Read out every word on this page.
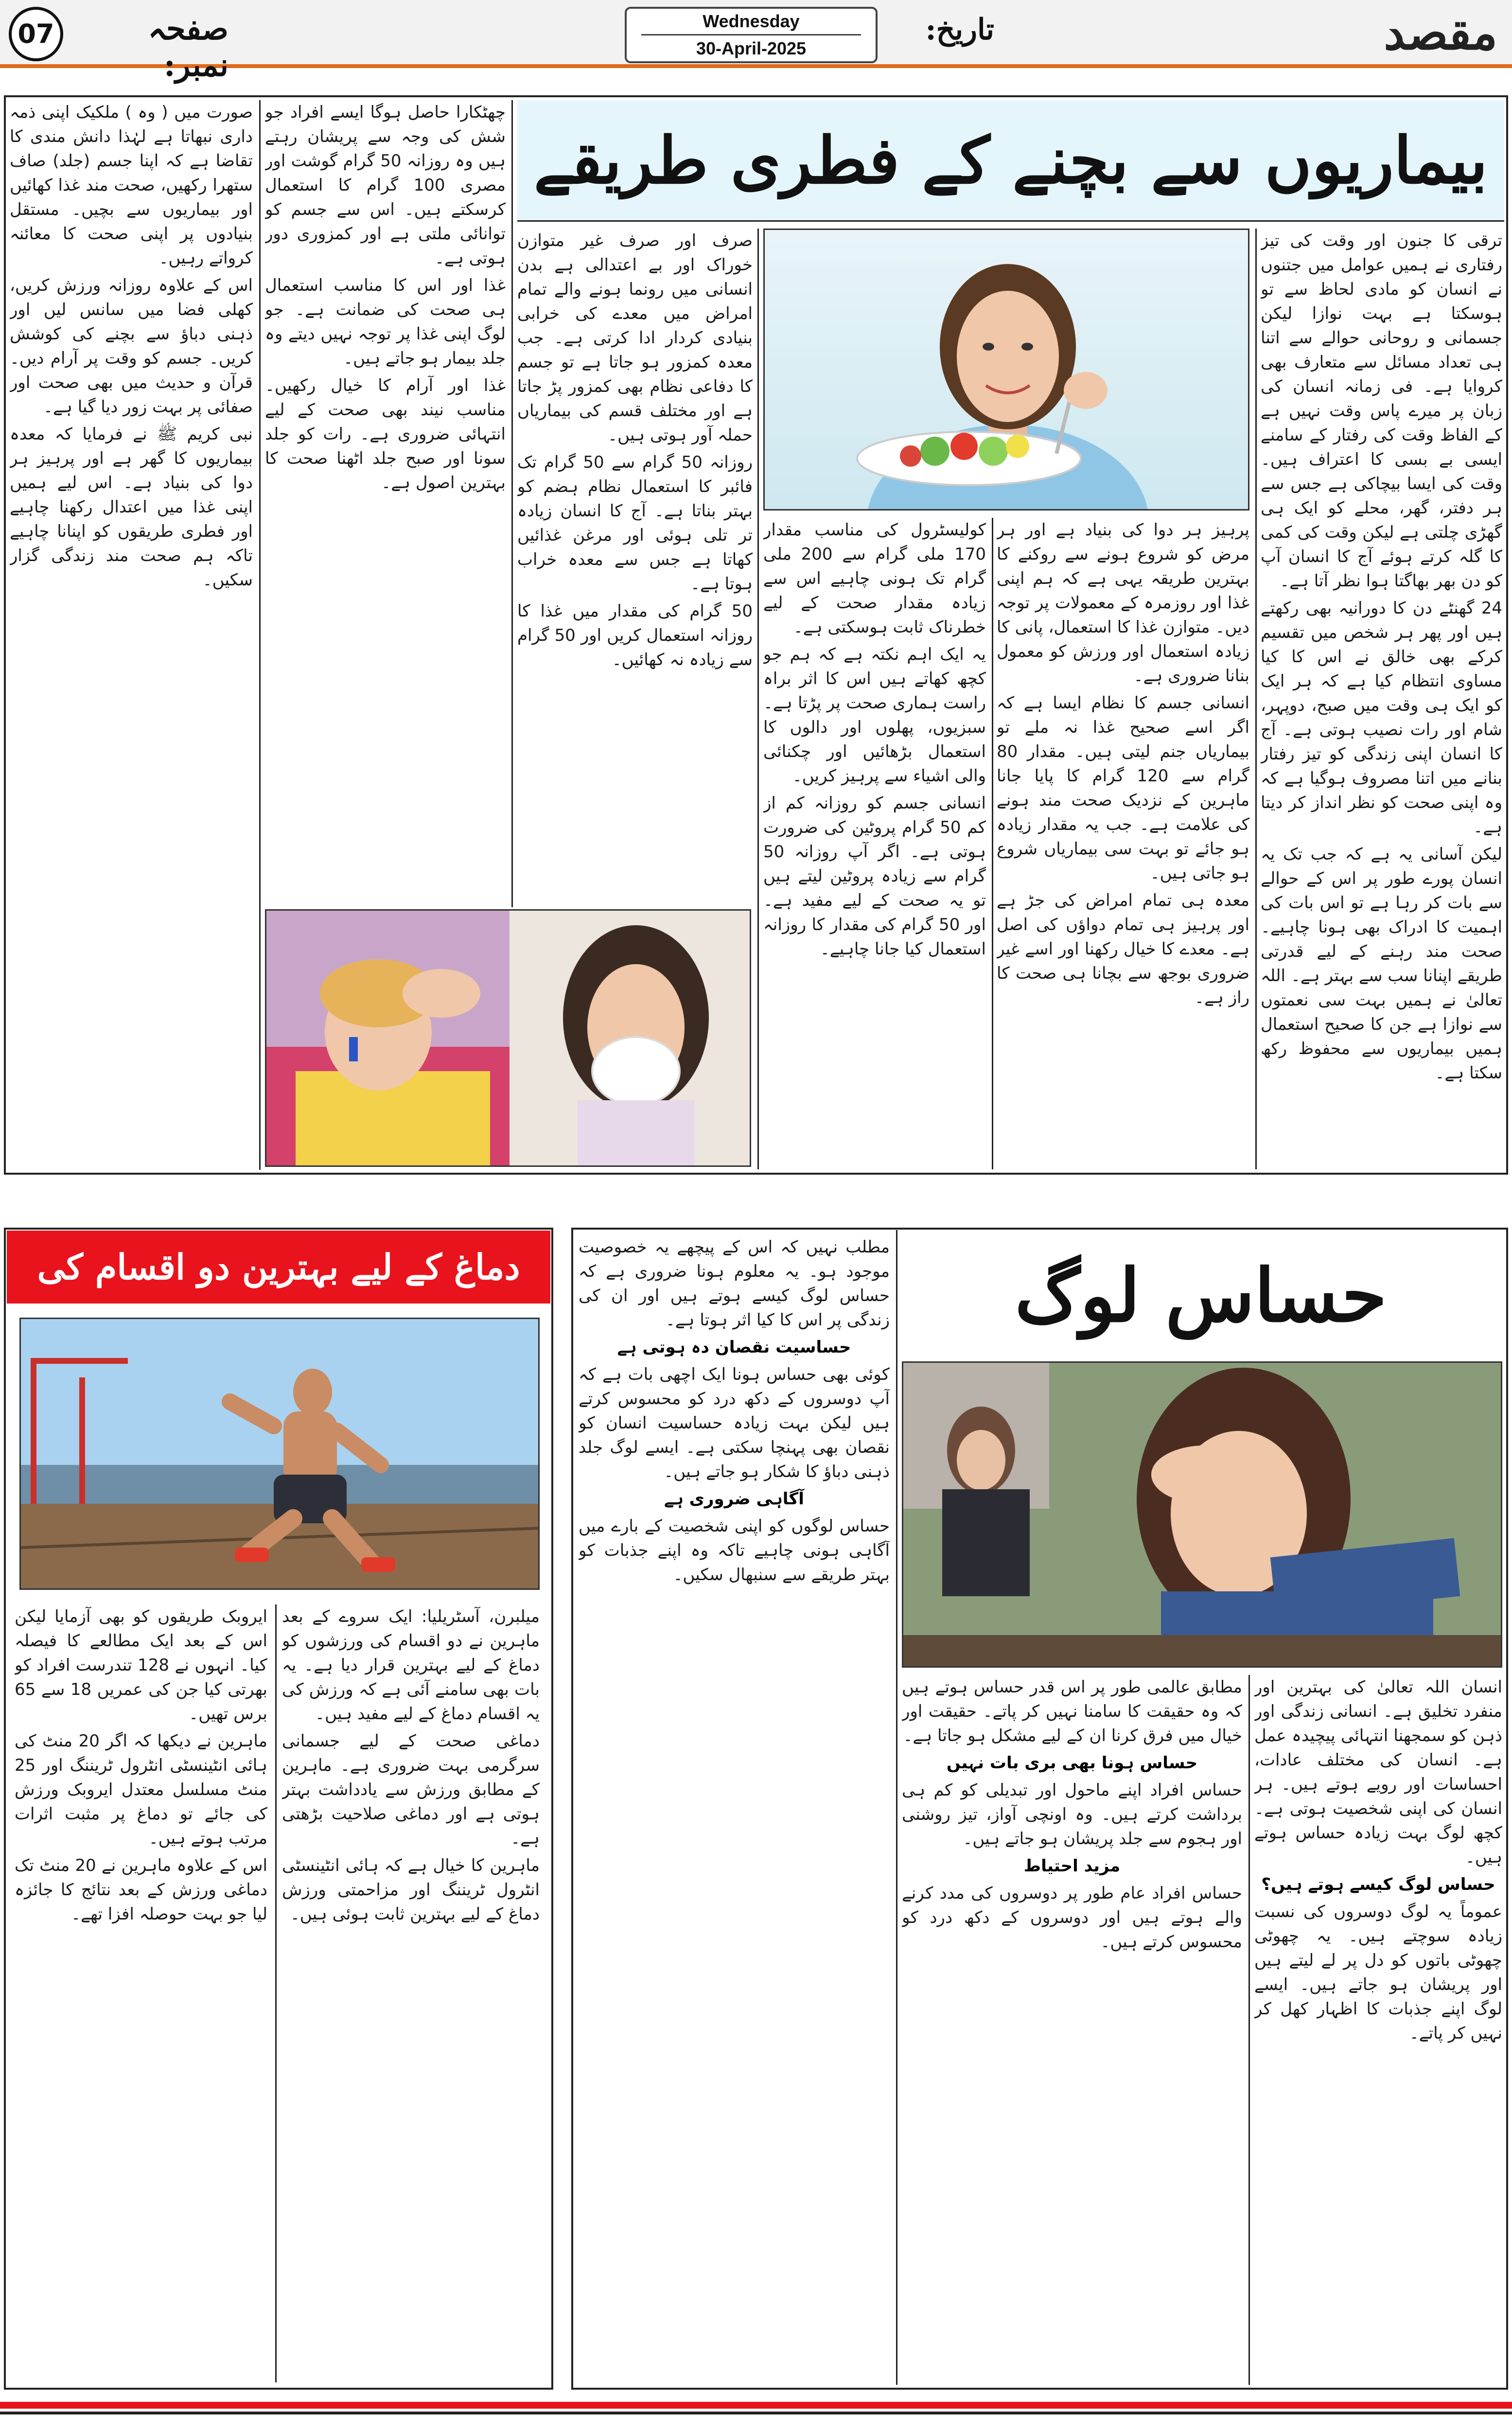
07	صفحہ نمبر:
Wednesday
30-April-2025
تاریخ:	مقصد
بیماریوں سے بچنے کے فطری طریقے

ترقی کا جنون اور وقت کی تیز رفتاری نے ہمیں عوامل میں جتنوں نے انسان کو مادی لحاظ سے تو ہوسکتا ہے بہت نوازا لیکن جسمانی و روحانی حوالے سے اتنا ہی تعداد مسائل سے متعارف بھی کروایا ہے۔ فی زمانہ انسان کی زبان پر میرے پاس وقت نہیں ہے کے الفاظ وقت کی رفتار کے سامنے ایسی بے بسی کا اعتراف ہیں۔ وقت کی ایسا بیچاکی ہے جس سے ہر دفتر، گھر، محلے کو ایک ہی گھڑی چلتی ہے لیکن وقت کی کمی کا گلہ کرتے ہوئے آج کا انسان آپ کو دن بھر بھاگتا ہوا نظر آتا ہے۔

24 گھنٹے دن کا دورانیہ بھی رکھتے ہیں اور پھر ہر شخص میں تقسیم کرکے بھی خالق نے اس کا کیا مساوی انتظام کیا ہے کہ ہر ایک کو ایک ہی وقت میں صبح، دوپہر، شام اور رات نصیب ہوتی ہے۔ آج کا انسان اپنی زندگی کو تیز رفتار بنانے میں اتنا مصروف ہوگیا ہے کہ وہ اپنی صحت کو نظر انداز کر دیتا ہے۔

لیکن آسانی یہ ہے کہ جب تک یہ انسان پورے طور پر اس کے حوالے سے بات کر رہا ہے تو اس بات کی اہمیت کا ادراک بھی ہونا چاہیے۔ صحت مند رہنے کے لیے قدرتی طریقے اپنانا سب سے بہتر ہے۔ اللہ تعالیٰ نے ہمیں بہت سی نعمتوں سے نوازا ہے جن کا صحیح استعمال ہمیں بیماریوں سے محفوظ رکھ سکتا ہے۔

پرہیز ہر دوا کی بنیاد ہے اور ہر مرض کو شروع ہونے سے روکنے کا بہترین طریقہ یہی ہے کہ ہم اپنی غذا اور روزمرہ کے معمولات پر توجہ دیں۔ متوازن غذا کا استعمال، پانی کا زیادہ استعمال اور ورزش کو معمول بنانا ضروری ہے۔

انسانی جسم کا نظام ایسا ہے کہ اگر اسے صحیح غذا نہ ملے تو بیماریاں جنم لیتی ہیں۔ مقدار 80 گرام سے 120 گرام کا پایا جانا ماہرین کے نزدیک صحت مند ہونے کی علامت ہے۔ جب یہ مقدار زیادہ ہو جائے تو بہت سی بیماریاں شروع ہو جاتی ہیں۔

معدہ ہی تمام امراض کی جڑ ہے اور پرہیز ہی تمام دواؤں کی اصل ہے۔ معدے کا خیال رکھنا اور اسے غیر ضروری بوجھ سے بچانا ہی صحت کا راز ہے۔

کولیسٹرول کی مناسب مقدار 170 ملی گرام سے 200 ملی گرام تک ہونی چاہیے اس سے زیادہ مقدار صحت کے لیے خطرناک ثابت ہوسکتی ہے۔

یہ ایک اہم نکتہ ہے کہ ہم جو کچھ کھاتے ہیں اس کا اثر براہ راست ہماری صحت پر پڑتا ہے۔ سبزیوں، پھلوں اور دالوں کا استعمال بڑھائیں اور چکنائی والی اشیاء سے پرہیز کریں۔

انسانی جسم کو روزانہ کم از کم 50 گرام پروٹین کی ضرورت ہوتی ہے۔ اگر آپ روزانہ 50 گرام سے زیادہ پروٹین لیتے ہیں تو یہ صحت کے لیے مفید ہے۔ اور 50 گرام کی مقدار کا روزانہ استعمال کیا جانا چاہیے۔

صرف اور صرف غیر متوازن خوراک اور بے اعتدالی ہے بدن انسانی میں رونما ہونے والے تمام امراض میں معدے کی خرابی بنیادی کردار ادا کرتی ہے۔ جب معدہ کمزور ہو جاتا ہے تو جسم کا دفاعی نظام بھی کمزور پڑ جاتا ہے اور مختلف قسم کی بیماریاں حملہ آور ہوتی ہیں۔

روزانہ 50 گرام سے 50 گرام تک فائبر کا استعمال نظام ہضم کو بہتر بناتا ہے۔ آج کا انسان زیادہ تر تلی ہوئی اور مرغن غذائیں کھاتا ہے جس سے معدہ خراب ہوتا ہے۔

50 گرام کی مقدار میں غذا کا روزانہ استعمال کریں اور 50 گرام سے زیادہ نہ کھائیں۔

چھٹکارا حاصل ہوگا ایسے افراد جو شش کی وجہ سے پریشان رہتے ہیں وہ روزانہ 50 گرام گوشت اور مصری 100 گرام کا استعمال کرسکتے ہیں۔ اس سے جسم کو توانائی ملتی ہے اور کمزوری دور ہوتی ہے۔

غذا اور اس کا مناسب استعمال ہی صحت کی ضمانت ہے۔ جو لوگ اپنی غذا پر توجہ نہیں دیتے وہ جلد بیمار ہو جاتے ہیں۔

غذا اور آرام کا خیال رکھیں۔ مناسب نیند بھی صحت کے لیے انتہائی ضروری ہے۔ رات کو جلد سونا اور صبح جلد اٹھنا صحت کا بہترین اصول ہے۔

صورت میں ( وہ ) ملکیک اپنی ذمہ داری نبھاتا ہے لہٰذا دانش مندی کا تقاضا ہے کہ اپنا جسم (جلد) صاف ستھرا رکھیں، صحت مند غذا کھائیں اور بیماریوں سے بچیں۔ مستقل بنیادوں پر اپنی صحت کا معائنہ کرواتے رہیں۔

اس کے علاوہ روزانہ ورزش کریں، کھلی فضا میں سانس لیں اور ذہنی دباؤ سے بچنے کی کوشش کریں۔ جسم کو وقت پر آرام دیں۔ قرآن و حدیث میں بھی صحت اور صفائی پر بہت زور دیا گیا ہے۔

نبی کریم ﷺ نے فرمایا کہ معدہ بیماریوں کا گھر ہے اور پرہیز ہر دوا کی بنیاد ہے۔ اس لیے ہمیں اپنی غذا میں اعتدال رکھنا چاہیے اور فطری طریقوں کو اپنانا چاہیے تاکہ ہم صحت مند زندگی گزار سکیں۔

حساس لوگ

انسان اللہ تعالیٰ کی بہترین اور منفرد تخلیق ہے۔ انسانی زندگی اور ذہن کو سمجھنا انتہائی پیچیدہ عمل ہے۔ انسان کی مختلف عادات، احساسات اور رویے ہوتے ہیں۔ ہر انسان کی اپنی شخصیت ہوتی ہے۔ کچھ لوگ بہت زیادہ حساس ہوتے ہیں۔

حساس لوگ کیسے ہوتے ہیں؟

عموماً یہ لوگ دوسروں کی نسبت زیادہ سوچتے ہیں۔ یہ چھوٹی چھوٹی باتوں کو دل پر لے لیتے ہیں اور پریشان ہو جاتے ہیں۔ ایسے لوگ اپنے جذبات کا اظہار کھل کر نہیں کر پاتے۔

مطابق عالمی طور پر اس قدر حساس ہوتے ہیں کہ وہ حقیقت کا سامنا نہیں کر پاتے۔ حقیقت اور خیال میں فرق کرنا ان کے لیے مشکل ہو جاتا ہے۔

حساس ہونا بھی بری بات نہیں

حساس افراد اپنے ماحول اور تبدیلی کو کم ہی برداشت کرتے ہیں۔ وہ اونچی آواز، تیز روشنی اور ہجوم سے جلد پریشان ہو جاتے ہیں۔

مزید احتیاط

حساس افراد عام طور پر دوسروں کی مدد کرنے والے ہوتے ہیں اور دوسروں کے دکھ درد کو محسوس کرتے ہیں۔

مطلب نہیں کہ اس کے پیچھے یہ خصوصیت موجود ہو۔ یہ معلوم ہونا ضروری ہے کہ حساس لوگ کیسے ہوتے ہیں اور ان کی زندگی پر اس کا کیا اثر ہوتا ہے۔

حساسیت نقصان دہ ہوتی ہے

کوئی بھی حساس ہونا ایک اچھی بات ہے کہ آپ دوسروں کے دکھ درد کو محسوس کرتے ہیں لیکن بہت زیادہ حساسیت انسان کو نقصان بھی پہنچا سکتی ہے۔ ایسے لوگ جلد ذہنی دباؤ کا شکار ہو جاتے ہیں۔

آگاہی ضروری ہے

حساس لوگوں کو اپنی شخصیت کے بارے میں آگاہی ہونی چاہیے تاکہ وہ اپنے جذبات کو بہتر طریقے سے سنبھال سکیں۔

دماغ کے لیے بہترین دو اقسام کی

میلبرن، آسٹریلیا: ایک سروے کے بعد ماہرین نے دو اقسام کی ورزشوں کو دماغ کے لیے بہترین قرار دیا ہے۔ یہ بات بھی سامنے آئی ہے کہ ورزش کی یہ اقسام دماغ کے لیے مفید ہیں۔

دماغی صحت کے لیے جسمانی سرگرمی بہت ضروری ہے۔ ماہرین کے مطابق ورزش سے یادداشت بہتر ہوتی ہے اور دماغی صلاحیت بڑھتی ہے۔

ماہرین کا خیال ہے کہ ہائی انٹینسٹی انٹرول ٹریننگ اور مزاحمتی ورزش دماغ کے لیے بہترین ثابت ہوئی ہیں۔

ایروبک طریقوں کو بھی آزمایا لیکن اس کے بعد ایک مطالعے کا فیصلہ کیا۔ انہوں نے 128 تندرست افراد کو بھرتی کیا جن کی عمریں 18 سے 65 برس تھیں۔

ماہرین نے دیکھا کہ اگر 20 منٹ کی ہائی انٹینسٹی انٹرول ٹریننگ اور 25 منٹ مسلسل معتدل ایروبک ورزش کی جائے تو دماغ پر مثبت اثرات مرتب ہوتے ہیں۔

اس کے علاوہ ماہرین نے 20 منٹ تک دماغی ورزش کے بعد نتائج کا جائزہ لیا جو بہت حوصلہ افزا تھے۔
